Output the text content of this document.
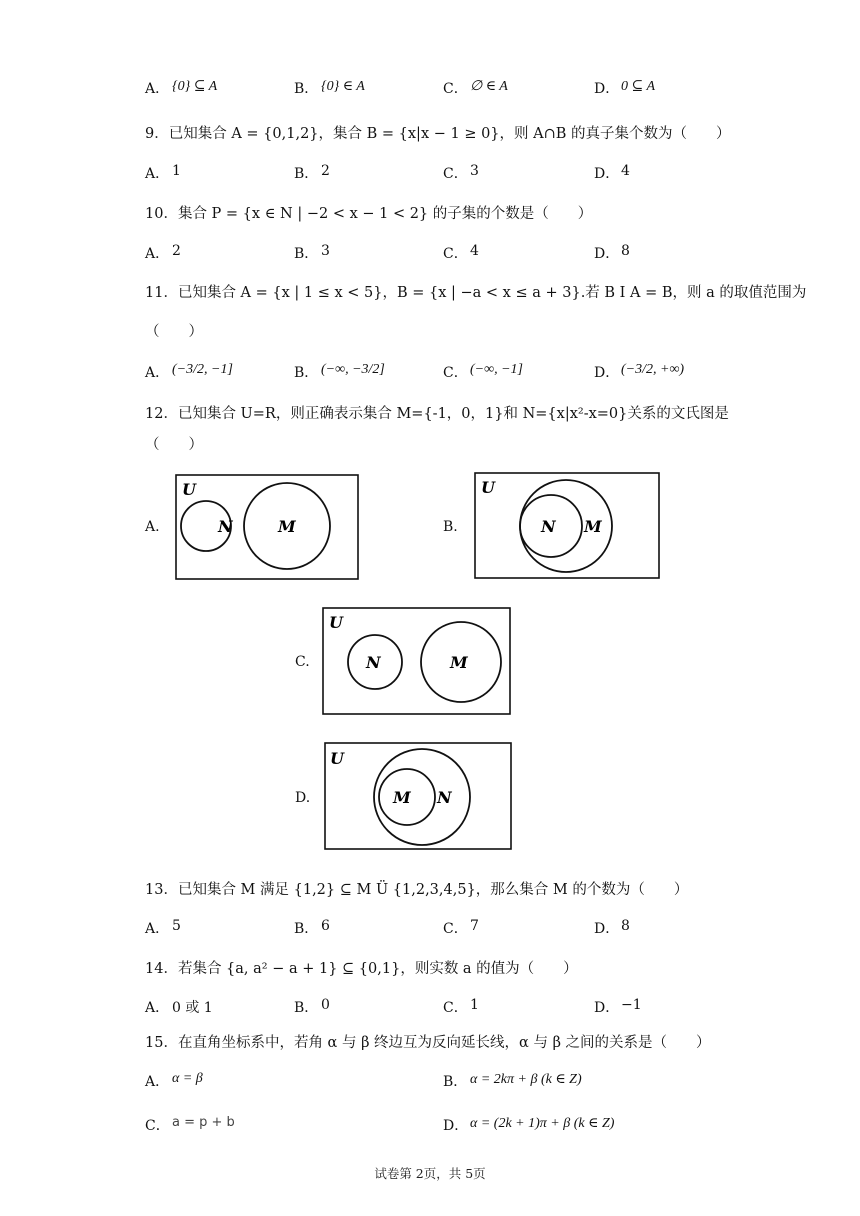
A． {0} ⊆ A	B． {0} ∈ A	C． ∅ ∈ A	D． 0 ⊆ A
9．已知集合 A = {0,1,2}，集合 B = {x|x − 1 ≥ 0}，则 A∩B 的真子集个数为（　　）
A． 1	B． 2	C． 3	D． 4
10．集合 P = {x ∈ N | −2 < x − 1 < 2} 的子集的个数是（　　）
A． 2	B． 3	C． 4	D． 8
11．已知集合 A = {x | 1 ≤ x < 5}，B = {x | −a < x ≤ a + 3}.若 B I A = B，则 a 的取值范围为
（　　）
A． (−3/2, −1]	B． (−∞, −3/2]	C． (−∞, −1]	D． (−3/2, +∞)
12．已知集合 U=R，则正确表示集合 M={-1，0，1}和 N={x|x²-x=0}关系的文氏图是
（　　）
A.
U
N	M	B.
U
N M
C.
U
N	M
D.
U
M N
13．已知集合 M 满足 {1,2} ⊆ M Ü {1,2,3,4,5}，那么集合 M 的个数为（　　）
A． 5	B． 6	C． 7	D． 8
14．若集合 {a, a² − a + 1} ⊆ {0,1}，则实数 a 的值为（　　）
A． 0 或 1	B． 0	C． 1	D． −1
15．在直角坐标系中，若角 α 与 β 终边互为反向延长线，α 与 β 之间的关系是（　　）
A． α = β	B． α = 2kπ + β (k ∈ Z)
C． a = p + b	D． α = (2k + 1)π + β (k ∈ Z)
试卷第 2页，共 5页
